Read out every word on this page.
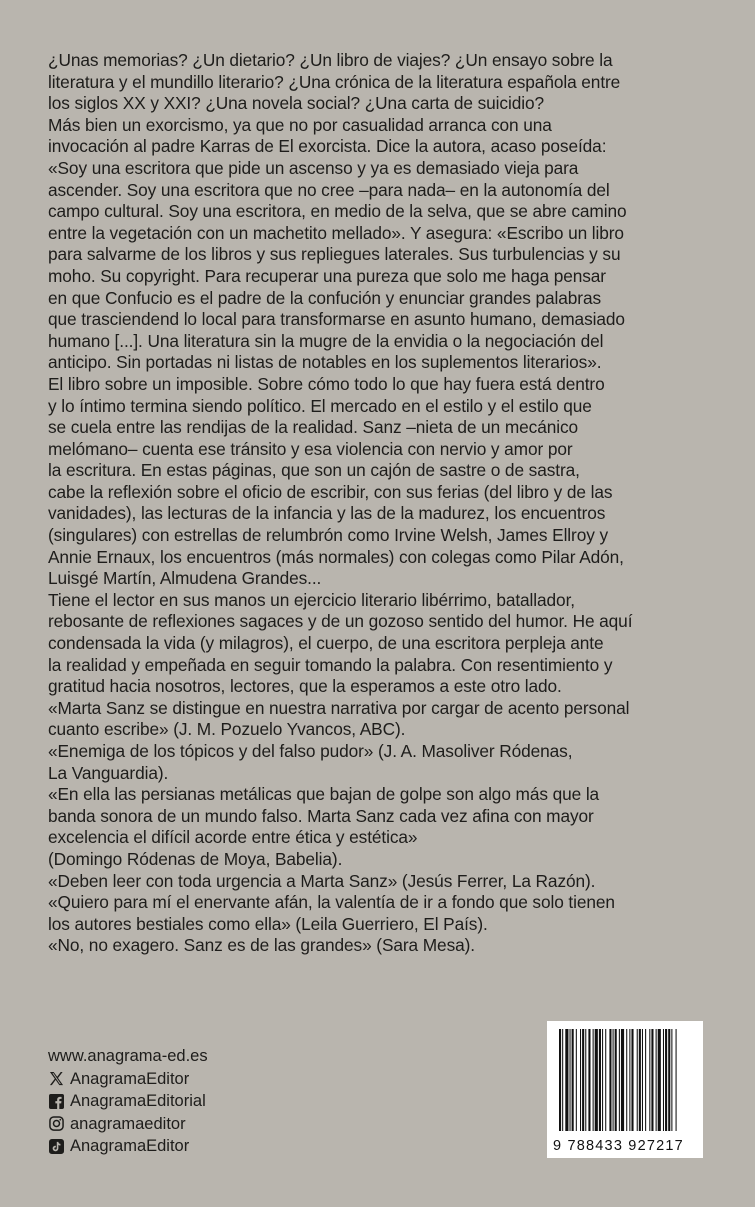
¿Unas memorias? ¿Un dietario? ¿Un libro de viajes? ¿Un ensayo sobre la

literatura y el mundillo literario? ¿Una crónica de la literatura española entre

los siglos XX y XXI? ¿Una novela social? ¿Una carta de suicidio?

Más bien un exorcismo, ya que no por casualidad arranca con una

invocación al padre Karras de El exorcista. Dice la autora, acaso poseída:

«Soy una escritora que pide un ascenso y ya es demasiado vieja para

ascender. Soy una escritora que no cree –para nada– en la autonomía del

campo cultural. Soy una escritora, en medio de la selva, que se abre camino

entre la vegetación con un machetito mellado». Y asegura: «Escribo un libro

para salvarme de los libros y sus repliegues laterales. Sus turbulencias y su

moho. Su copyright. Para recuperar una pureza que solo me haga pensar

en que Confucio es el padre de la confución y enunciar grandes palabras

que trasciendend lo local para transformarse en asunto humano, demasiado

humano [...]. Una literatura sin la mugre de la envidia o la negociación del

anticipo. Sin portadas ni listas de notables en los suplementos literarios».

El libro sobre un imposible. Sobre cómo todo lo que hay fuera está dentro

y lo íntimo termina siendo político. El mercado en el estilo y el estilo que

se cuela entre las rendijas de la realidad. Sanz –nieta de un mecánico

melómano– cuenta ese tránsito y esa violencia con nervio y amor por

la escritura. En estas páginas, que son un cajón de sastre o de sastra,

cabe la reflexión sobre el oficio de escribir, con sus ferias (del libro y de las

vanidades), las lecturas de la infancia y las de la madurez, los encuentros

(singulares) con estrellas de relumbrón como Irvine Welsh, James Ellroy y

Annie Ernaux, los encuentros (más normales) con colegas como Pilar Adón,

Luisgé Martín, Almudena Grandes...

Tiene el lector en sus manos un ejercicio literario libérrimo, batallador,

rebosante de reflexiones sagaces y de un gozoso sentido del humor. He aquí

condensada la vida (y milagros), el cuerpo, de una escritora perpleja ante

la realidad y empeñada en seguir tomando la palabra. Con resentimiento y

gratitud hacia nosotros, lectores, que la esperamos a este otro lado.

«Marta Sanz se distingue en nuestra narrativa por cargar de acento personal

cuanto escribe» (J. M. Pozuelo Yvancos, ABC).

«Enemiga de los tópicos y del falso pudor» (J. A. Masoliver Ródenas,

La Vanguardia).

«En ella las persianas metálicas que bajan de golpe son algo más que la

banda sonora de un mundo falso. Marta Sanz cada vez afina con mayor

excelencia el difícil acorde entre ética y estética»

(Domingo Ródenas de Moya, Babelia).

«Deben leer con toda urgencia a Marta Sanz» (Jesús Ferrer, La Razón).

«Quiero para mí el enervante afán, la valentía de ir a fondo que solo tienen

los autores bestiales como ella» (Leila Guerriero, El País).

«No, no exagero. Sanz es de las grandes» (Sara Mesa).

www.anagrama-ed.es
AnagramaEditor
AnagramaEditorial
anagramaeditor
AnagramaEditor	9 788433 927217
